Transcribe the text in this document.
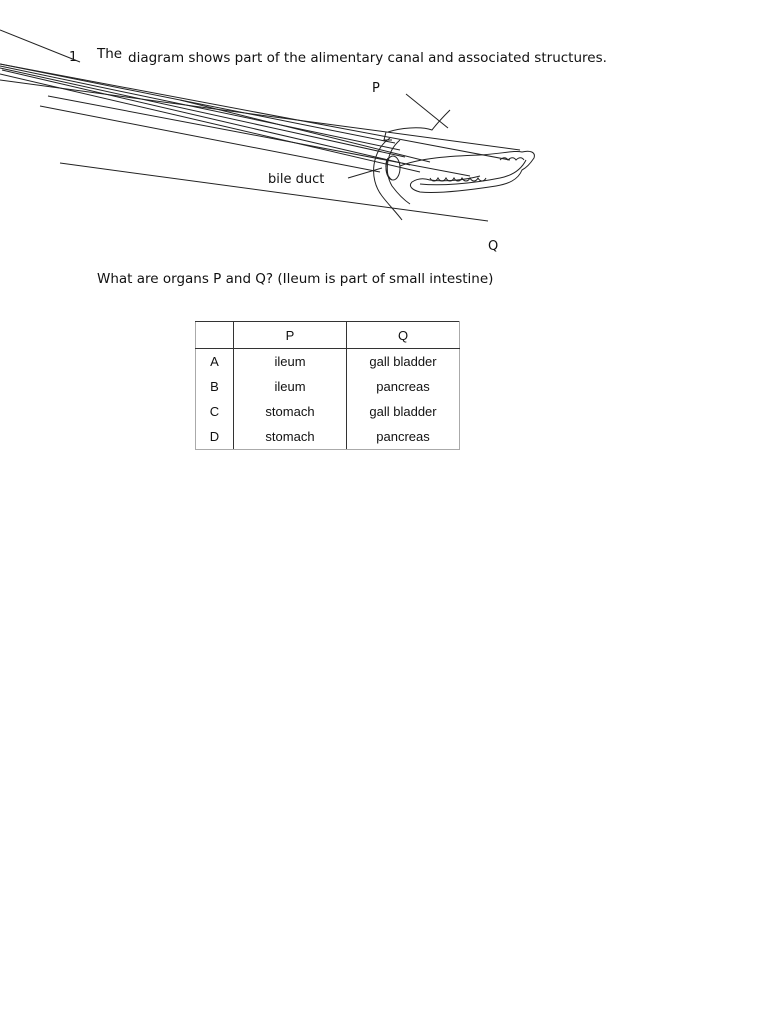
1 The diagram shows part of the alimentary canal and associated structures.
P
Q
bile duct
What are organs P and Q? (Ileum is part of small intestine)
	P	Q
A	ileum	gall bladder
B	ileum	pancreas
C	stomach	gall bladder
D	stomach	pancreas
